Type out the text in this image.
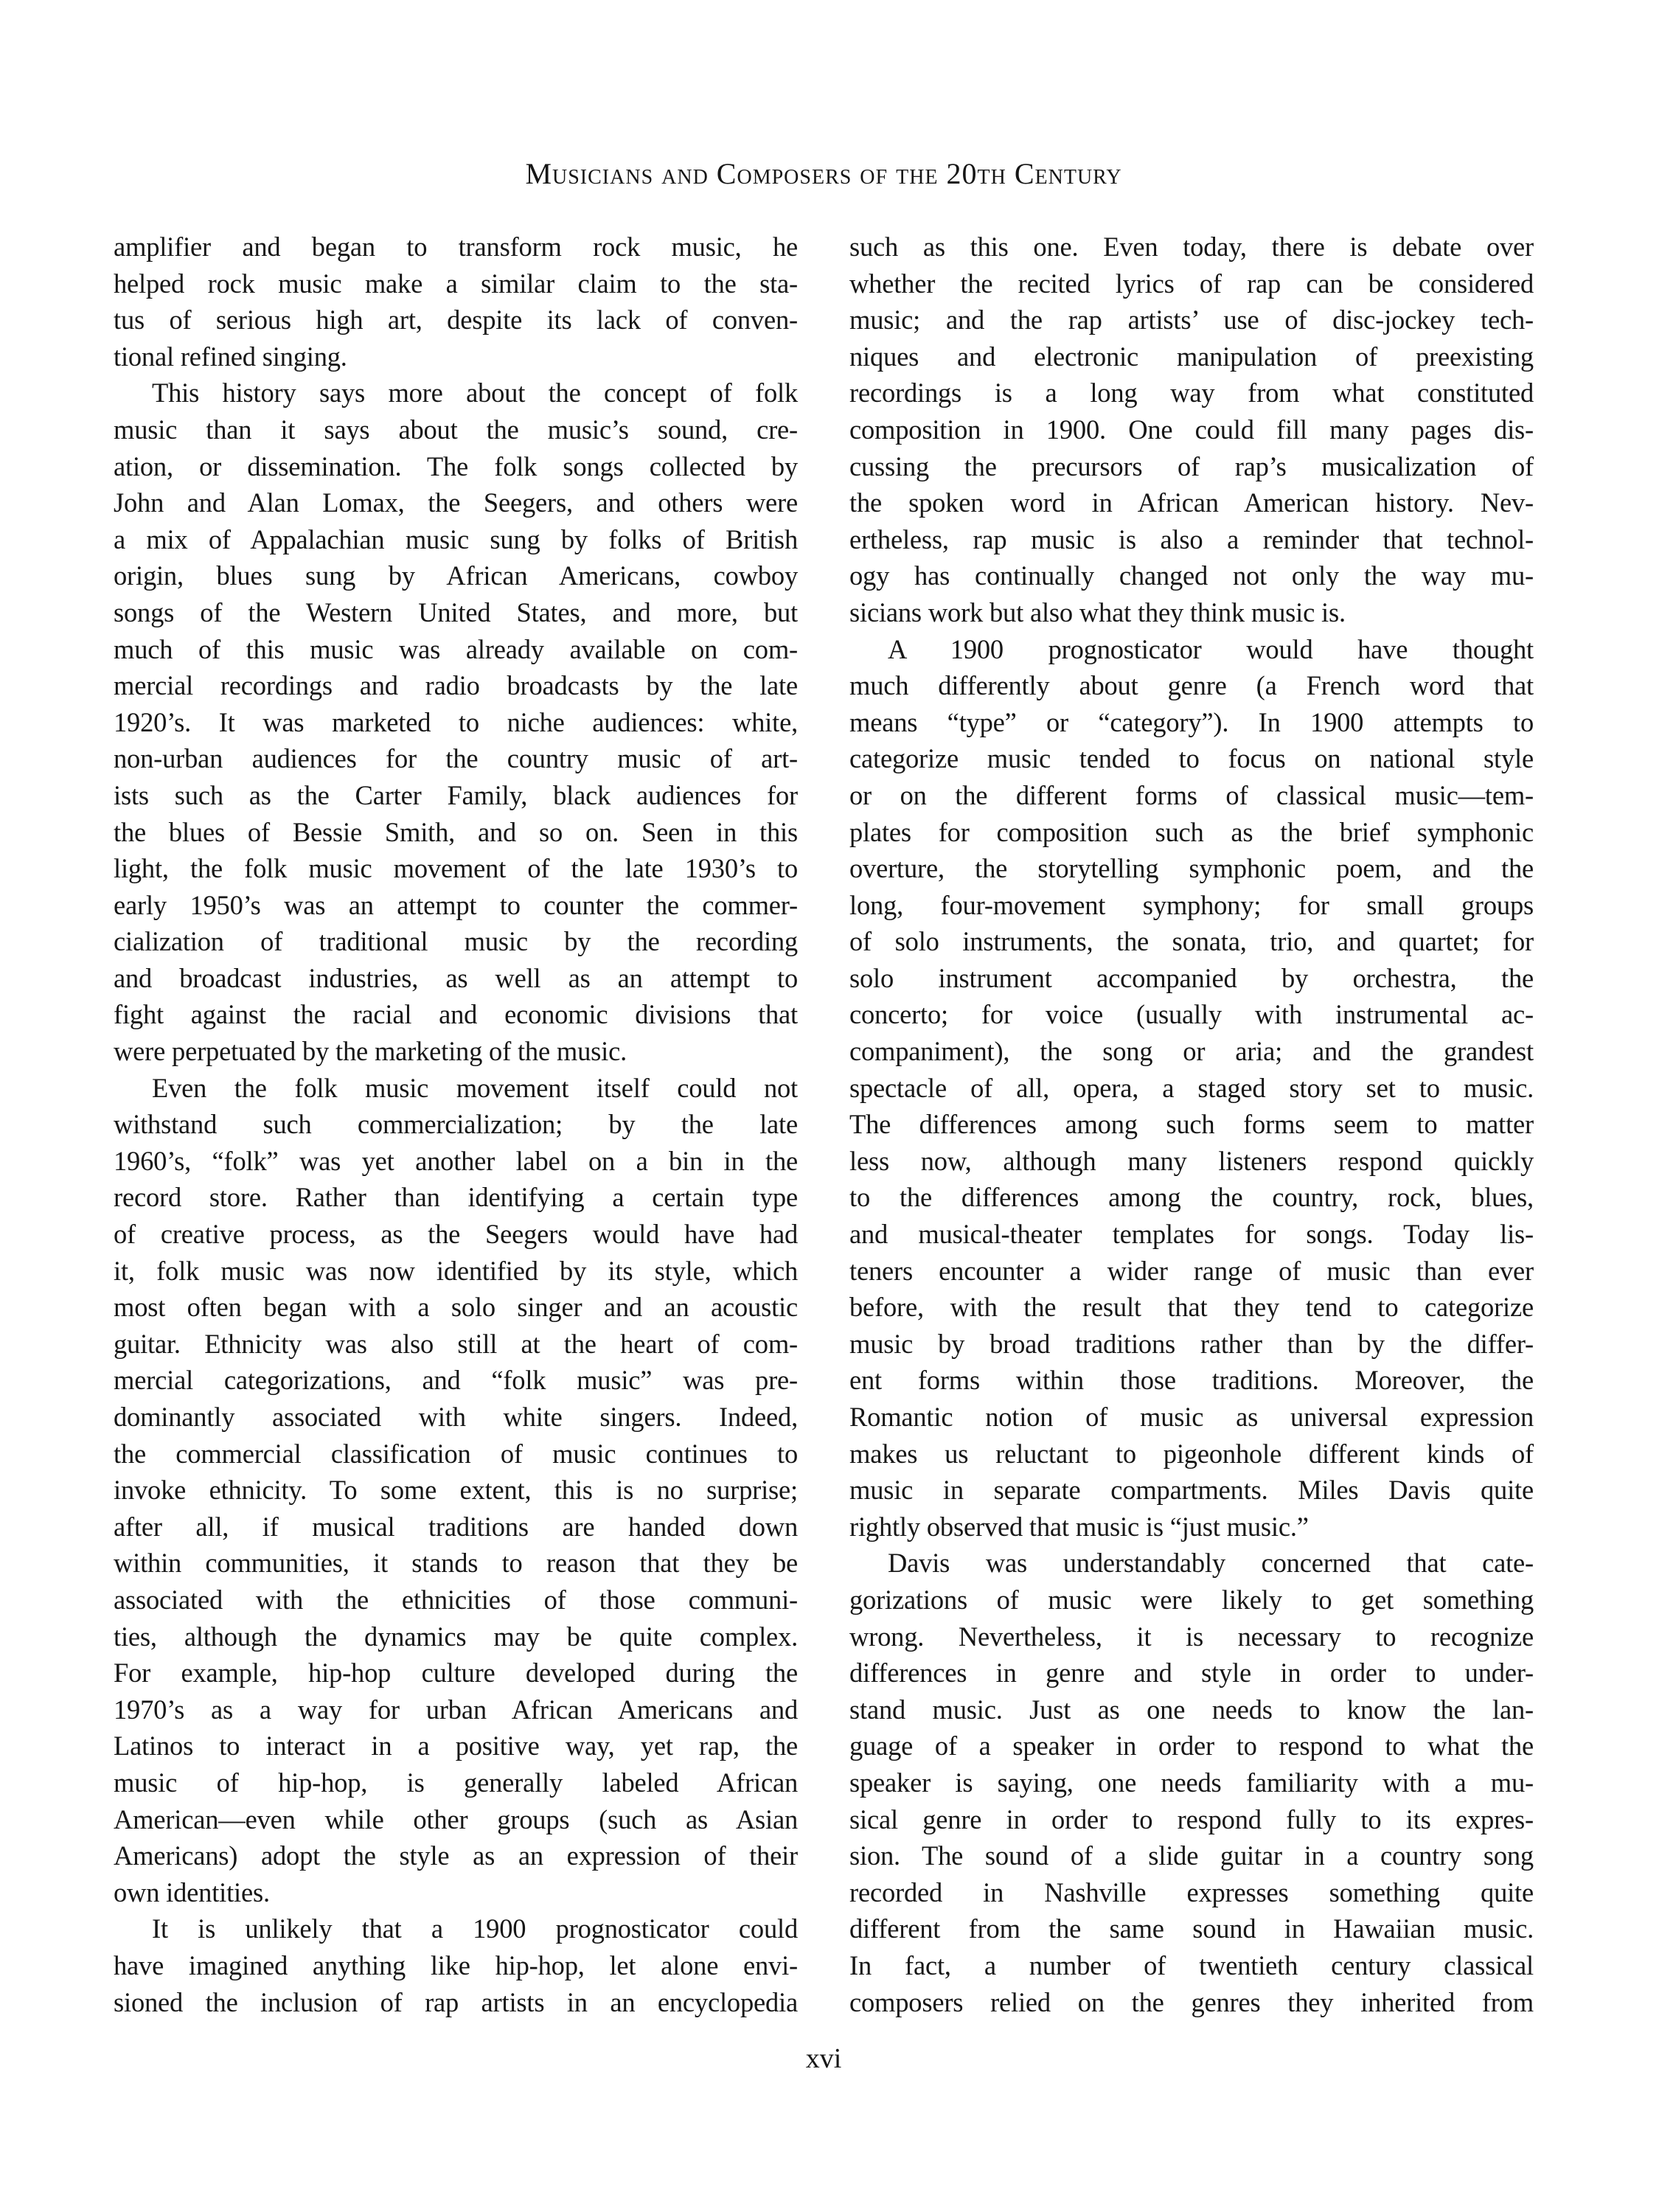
Musicians and Composers of the 20th Century
amplifier and began to transform rock music, he
helped rock music make a similar claim to the sta-
tus of serious high art, despite its lack of conven-
tional refined singing.
This history says more about the concept of folk
music than it says about the music’s sound, cre-
ation, or dissemination. The folk songs collected by
John and Alan Lomax, the Seegers, and others were
a mix of Appalachian music sung by folks of British
origin, blues sung by African Americans, cowboy
songs of the Western United States, and more, but
much of this music was already available on com-
mercial recordings and radio broadcasts by the late
1920’s. It was marketed to niche audiences: white,
non-urban audiences for the country music of art-
ists such as the Carter Family, black audiences for
the blues of Bessie Smith, and so on. Seen in this
light, the folk music movement of the late 1930’s to
early 1950’s was an attempt to counter the commer-
cialization of traditional music by the recording
and broadcast industries, as well as an attempt to
fight against the racial and economic divisions that
were perpetuated by the marketing of the music.
Even the folk music movement itself could not
withstand such commercialization; by the late
1960’s, “folk” was yet another label on a bin in the
record store. Rather than identifying a certain type
of creative process, as the Seegers would have had
it, folk music was now identified by its style, which
most often began with a solo singer and an acoustic
guitar. Ethnicity was also still at the heart of com-
mercial categorizations, and “folk music” was pre-
dominantly associated with white singers. Indeed,
the commercial classification of music continues to
invoke ethnicity. To some extent, this is no surprise;
after all, if musical traditions are handed down
within communities, it stands to reason that they be
associated with the ethnicities of those communi-
ties, although the dynamics may be quite complex.
For example, hip-hop culture developed during the
1970’s as a way for urban African Americans and
Latinos to interact in a positive way, yet rap, the
music of hip-hop, is generally labeled African
American—even while other groups (such as Asian
Americans) adopt the style as an expression of their
own identities.
It is unlikely that a 1900 prognosticator could
have imagined anything like hip-hop, let alone envi-
sioned the inclusion of rap artists in an encyclopedia
such as this one. Even today, there is debate over
whether the recited lyrics of rap can be considered
music; and the rap artists’ use of disc-jockey tech-
niques and electronic manipulation of preexisting
recordings is a long way from what constituted
composition in 1900. One could fill many pages dis-
cussing the precursors of rap’s musicalization of
the spoken word in African American history. Nev-
ertheless, rap music is also a reminder that technol-
ogy has continually changed not only the way mu-
sicians work but also what they think music is.
A 1900 prognosticator would have thought
much differently about genre (a French word that
means “type” or “category”). In 1900 attempts to
categorize music tended to focus on national style
or on the different forms of classical music—tem-
plates for composition such as the brief symphonic
overture, the storytelling symphonic poem, and the
long, four-movement symphony; for small groups
of solo instruments, the sonata, trio, and quartet; for
solo instrument accompanied by orchestra, the
concerto; for voice (usually with instrumental ac-
companiment), the song or aria; and the grandest
spectacle of all, opera, a staged story set to music.
The differences among such forms seem to matter
less now, although many listeners respond quickly
to the differences among the country, rock, blues,
and musical-theater templates for songs. Today lis-
teners encounter a wider range of music than ever
before, with the result that they tend to categorize
music by broad traditions rather than by the differ-
ent forms within those traditions. Moreover, the
Romantic notion of music as universal expression
makes us reluctant to pigeonhole different kinds of
music in separate compartments. Miles Davis quite
rightly observed that music is “just music.”
Davis was understandably concerned that cate-
gorizations of music were likely to get something
wrong. Nevertheless, it is necessary to recognize
differences in genre and style in order to under-
stand music. Just as one needs to know the lan-
guage of a speaker in order to respond to what the
speaker is saying, one needs familiarity with a mu-
sical genre in order to respond fully to its expres-
sion. The sound of a slide guitar in a country song
recorded in Nashville expresses something quite
different from the same sound in Hawaiian music.
In fact, a number of twentieth century classical
composers relied on the genres they inherited from
xvi
